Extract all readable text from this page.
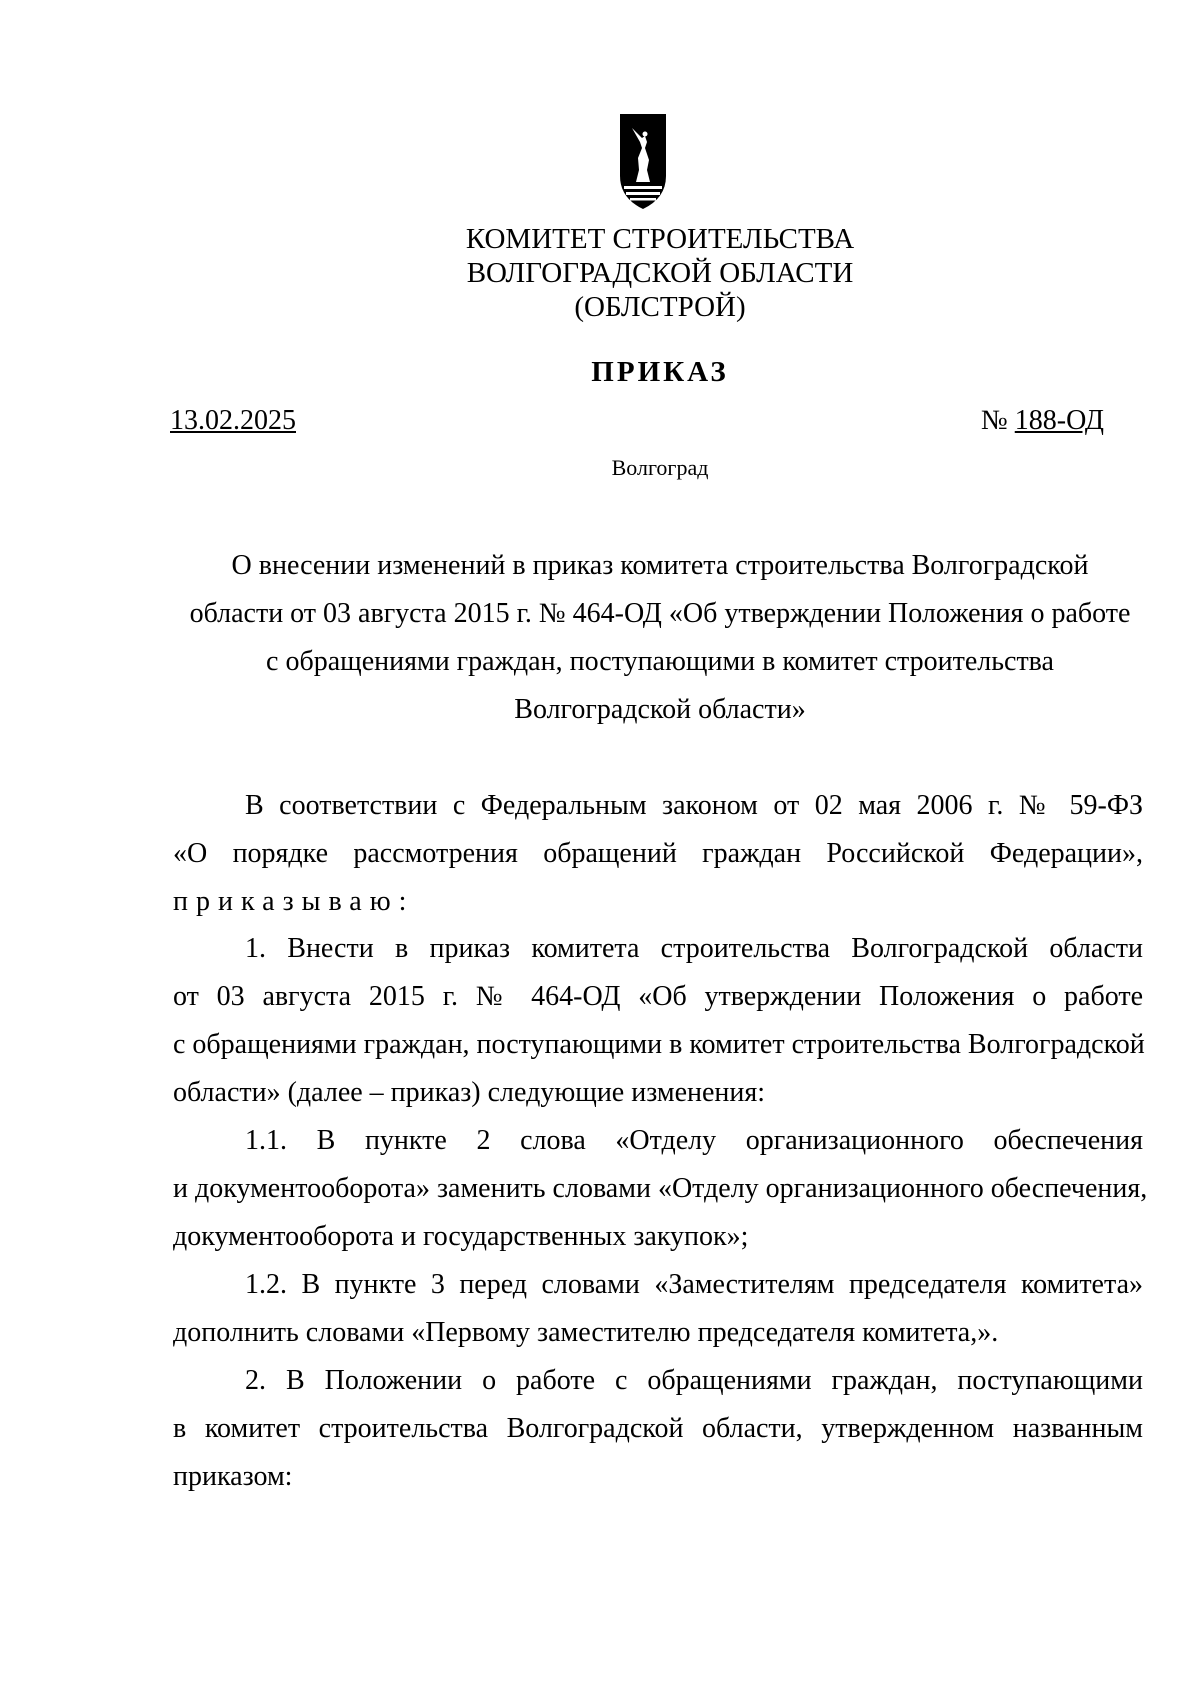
КОМИТЕТ СТРОИТЕЛЬСТВА
ВОЛГОГРАДСКОЙ ОБЛАСТИ
(ОБЛСТРОЙ)
ПРИКАЗ
13.02.2025	№ 188-ОД
Волгоград
О внесении изменений в приказ комитета строительства Волгоградской
области от 03 августа 2015 г. № 464-ОД «Об утверждении Положения о работе
с обращениями граждан, поступающими в комитет строительства
Волгоградской области»
В соответствии с Федеральным законом от 02 мая 2006 г. № 59-ФЗ
«О порядке рассмотрения обращений граждан Российской Федерации»,
приказываю:
1. Внести в приказ комитета строительства Волгоградской области
от 03 августа 2015 г. № 464-ОД «Об утверждении Положения о работе
с обращениями граждан, поступающими в комитет строительства Волгоградской
области» (далее – приказ) следующие изменения:
1.1. В пункте 2 слова «Отделу организационного обеспечения
и документооборота» заменить словами «Отделу организационного обеспечения,
документооборота и государственных закупок»;
1.2. В пункте 3 перед словами «Заместителям председателя комитета»
дополнить словами «Первому заместителю председателя комитета,».
2. В Положении о работе с обращениями граждан, поступающими
в комитет строительства Волгоградской области, утвержденном названным
приказом:
